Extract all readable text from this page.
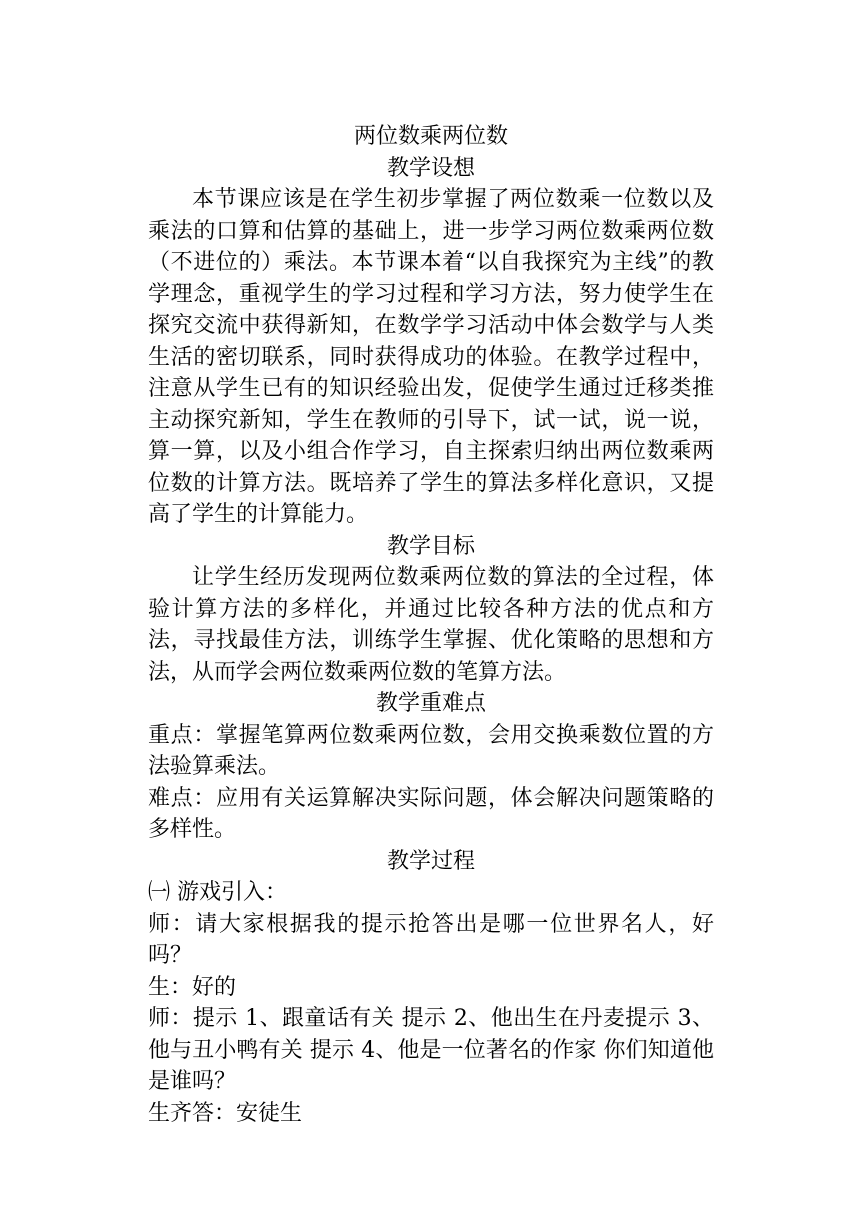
两位数乘两位数

教学设想

本节课应该是在学生初步掌握了两位数乘一位数以及乘法的口算和估算的基础上，进一步学习两位数乘两位数（不进位的）乘法。本节课本着“以自我探究为主线”的教学理念，重视学生的学习过程和学习方法，努力使学生在探究交流中获得新知，在数学学习活动中体会数学与人类生活的密切联系，同时获得成功的体验。在教学过程中，注意从学生已有的知识经验出发，促使学生通过迁移类推主动探究新知，学生在教师的引导下，试一试，说一说，算一算，以及小组合作学习，自主探索归纳出两位数乘两位数的计算方法。既培养了学生的算法多样化意识，又提高了学生的计算能力。

教学目标

让学生经历发现两位数乘两位数的算法的全过程，体验计算方法的多样化，并通过比较各种方法的优点和方法，寻找最佳方法，训练学生掌握、优化策略的思想和方法，从而学会两位数乘两位数的笔算方法。

教学重难点

重点：掌握笔算两位数乘两位数，会用交换乘数位置的方法验算乘法。

难点：应用有关运算解决实际问题，体会解决问题策略的多样性。

教学过程

㈠ 游戏引入：

师：请大家根据我的提示抢答出是哪一位世界名人，好吗？

生：好的

师：提示 1、跟童话有关 提示 2、他出生在丹麦提示 3、他与丑小鸭有关 提示 4、他是一位著名的作家 你们知道他是谁吗？

生齐答：安徒生
